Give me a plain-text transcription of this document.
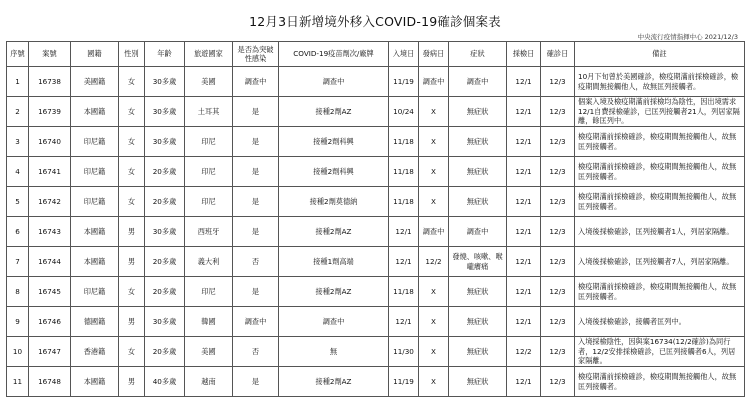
12月3日新增境外移入COVID-19確診個案表
中央流行疫情指揮中心 2021/12/3
序號	案號	國籍	性別	年齡	旅遊國家	是否為突破性感染	COVID-19疫苗劑次/廠牌	入境日	發病日	症狀	採檢日	確診日	備註
1	16738	美國籍	女	30多歲	美國	調查中	調查中	11/19	調查中	調查中	12/1	12/3	10月下旬曾於美國確診，檢疫期滿前採檢確診，檢疫期間無接觸他人，故無匡列接觸者。
2	16739	本國籍	女	30多歲	土耳其	是	接種2劑AZ	10/24	X	無症狀	12/1	12/3	個案入境及檢疫期滿前採檢均為陰性，因出境需求12/1自費採檢確診，已匡列接觸者21人，列居家隔離，餘匡列中。
3	16740	印尼籍	女	30多歲	印尼	是	接種2劑科興	11/18	X	無症狀	12/1	12/3	檢疫期滿前採檢確診，檢疫期間無接觸他人，故無匡列接觸者。
4	16741	印尼籍	女	20多歲	印尼	是	接種2劑科興	11/18	X	無症狀	12/1	12/3	檢疫期滿前採檢確診，檢疫期間無接觸他人，故無匡列接觸者。
5	16742	印尼籍	女	20多歲	印尼	是	接種2劑莫德納	11/18	X	無症狀	12/1	12/3	檢疫期滿前採檢確診，檢疫期間無接觸他人，故無匡列接觸者。
6	16743	本國籍	男	30多歲	西班牙	是	接種2劑AZ	12/1	調查中	調查中	12/1	12/3	入境後採檢確診，匡列接觸者1人，列居家隔離。
7	16744	本國籍	男	20多歲	義大利	否	接種1劑高端	12/1	12/2	發燒、咳嗽、喉嚨癢痛	12/1	12/3	入境後採檢確診，匡列接觸者7人，列居家隔離。
8	16745	印尼籍	女	20多歲	印尼	是	接種2劑AZ	11/18	X	無症狀	12/1	12/3	檢疫期滿前採檢確診，檢疫期間無接觸他人，故無匡列接觸者。
9	16746	德國籍	男	30多歲	韓國	調查中	調查中	12/1	X	無症狀	12/1	12/3	入境後採檢確診，接觸者匡列中。
10	16747	香港籍	女	20多歲	美國	否	無	11/30	X	無症狀	12/2	12/3	入境採檢陰性，因與案16734(12/2確診)為同行者，12/2安排採檢確診，已匡列接觸者6人，列居家隔離。
11	16748	本國籍	男	40多歲	越南	是	接種2劑AZ	11/19	X	無症狀	12/1	12/3	檢疫期滿前採檢確診，檢疫期間無接觸他人，故無匡列接觸者。
